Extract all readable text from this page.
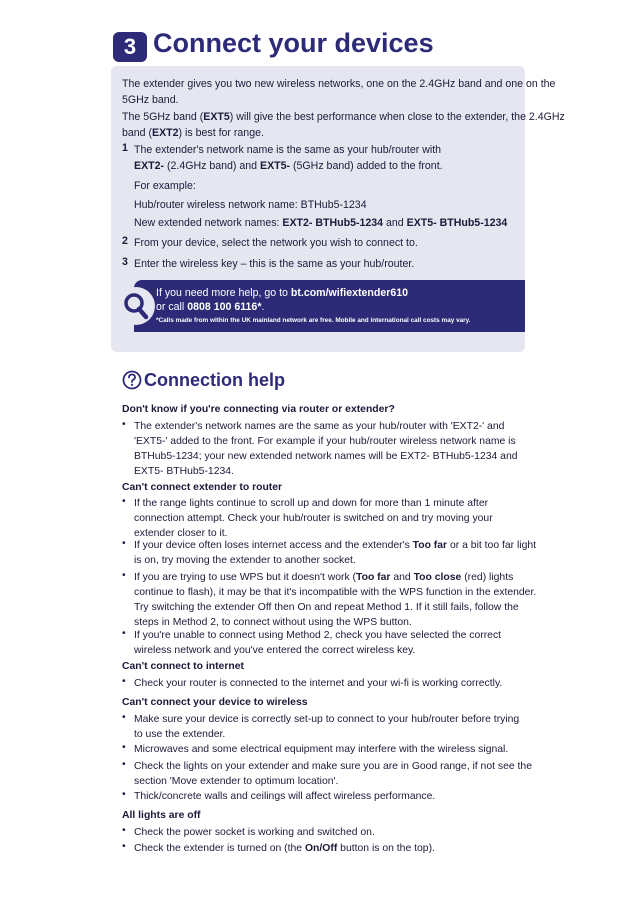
3 Connect your devices
The extender gives you two new wireless networks, one on the 2.4GHz band and one on the
5GHz band.
The 5GHz band (EXT5) will give the best performance when close to the extender, the 2.4GHz
band (EXT2) is best for range.
1 The extender's network name is the same as your hub/router with
EXT2- (2.4GHz band) and EXT5- (5GHz band) added to the front.
For example:
Hub/router wireless network name: BTHub5-1234
New extended network names: EXT2- BTHub5-1234 and EXT5- BTHub5-1234
2 From your device, select the network you wish to connect to.
3 Enter the wireless key – this is the same as your hub/router.
If you need more help, go to bt.com/wifiextender610
or call 0808 100 6116*.
*Calls made from within the UK mainland network are free. Mobile and international call costs may vary.
Connection help
Don't know if you're connecting via router or extender?
• The extender's network names are the same as your hub/router with 'EXT2-' and
'EXT5-' added to the front. For example if your hub/router wireless network name is
BTHub5-1234; your new extended network names will be EXT2- BTHub5-1234 and
EXT5- BTHub5-1234.
Can't connect extender to router
• If the range lights continue to scroll up and down for more than 1 minute after
connection attempt. Check your hub/router is switched on and try moving your
extender closer to it.
• If your device often loses internet access and the extender's Too far or a bit too far light
is on, try moving the extender to another socket.
• If you are trying to use WPS but it doesn't work (Too far and Too close (red) lights
continue to flash), it may be that it's incompatible with the WPS function in the extender.
Try switching the extender Off then On and repeat Method 1. If it still fails, follow the
steps in Method 2, to connect without using the WPS button.
• If you're unable to connect using Method 2, check you have selected the correct
wireless network and you've entered the correct wireless key.
Can't connect to internet
• Check your router is connected to the internet and your wi-fi is working correctly.
Can't connect your device to wireless
• Make sure your device is correctly set-up to connect to your hub/router before trying
to use the extender.
• Microwaves and some electrical equipment may interfere with the wireless signal.
• Check the lights on your extender and make sure you are in Good range, if not see the
section 'Move extender to optimum location'.
• Thick/concrete walls and ceilings will affect wireless performance.
All lights are off
• Check the power socket is working and switched on.
• Check the extender is turned on (the On/Off button is on the top).
